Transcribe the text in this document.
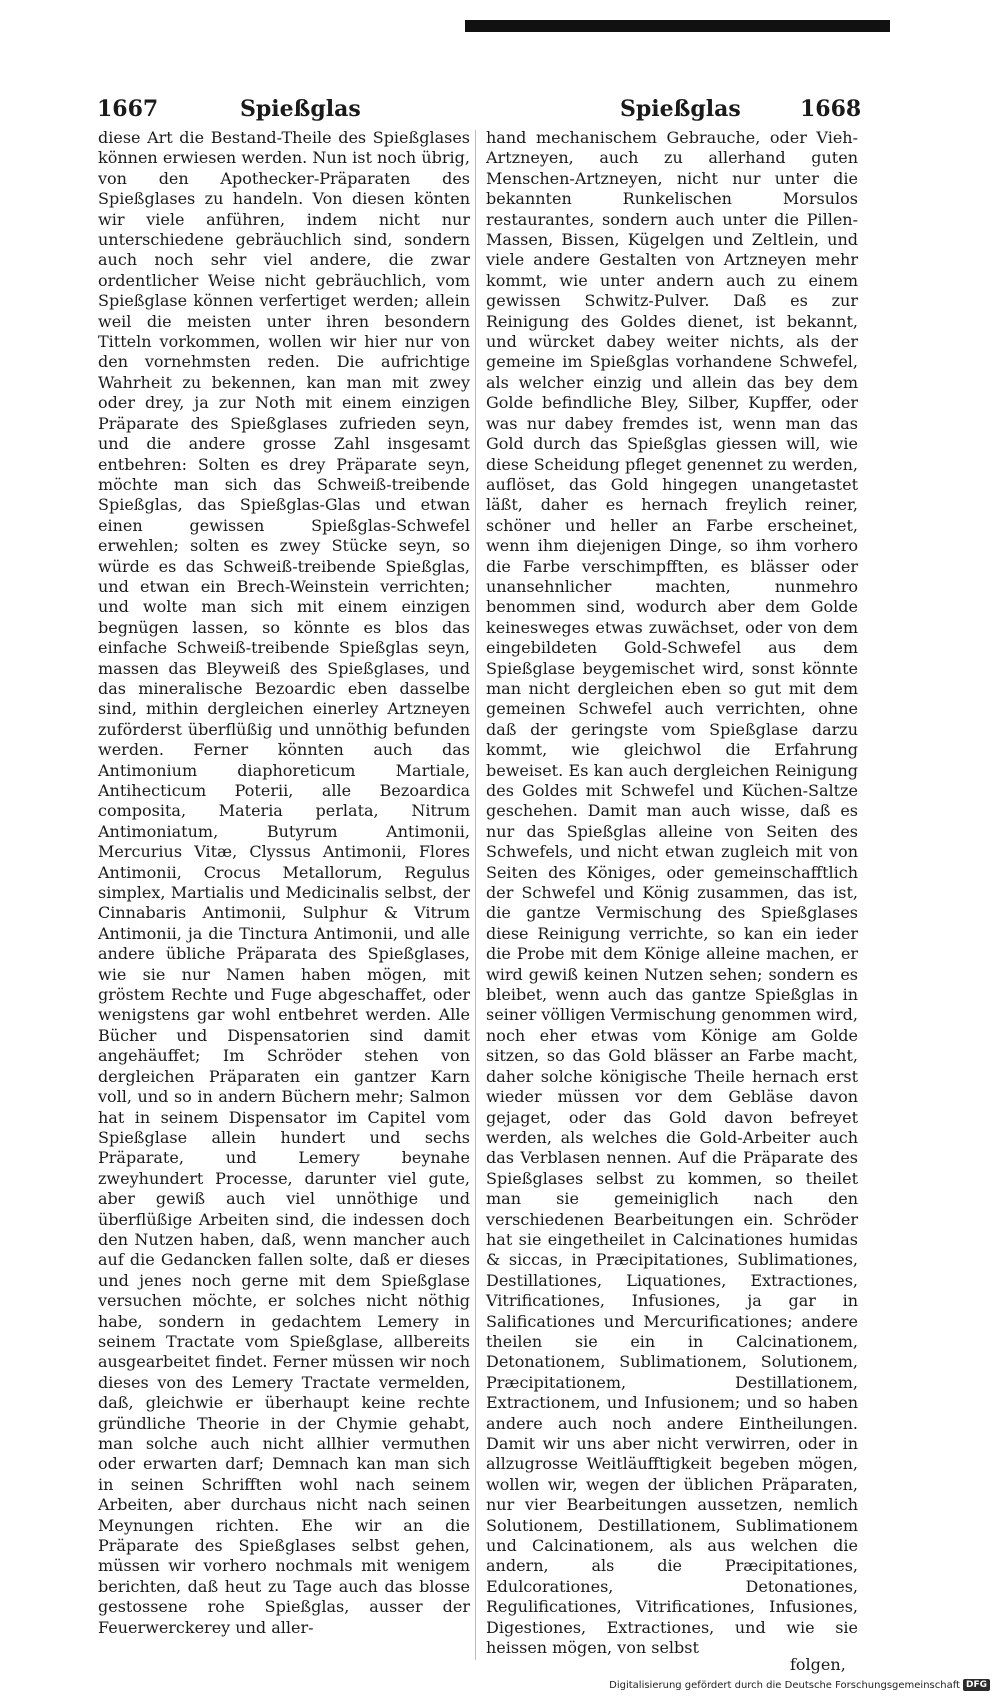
1667	Spießglas	Spießglas	1668

diese Art die Bestand-Theile des Spießglases können erwiesen werden. Nun ist noch übrig, von den Apothecker-Präparaten des Spießglases zu handeln. Von diesen könten wir viele anführen, indem nicht nur unterschiedene gebräuchlich sind, sondern auch noch sehr viel andere, die zwar ordentlicher Weise nicht gebräuchlich, vom Spießglase können verfertiget werden; allein weil die meisten unter ihren besondern Titteln vorkommen, wollen wir hier nur von den vornehmsten reden. Die aufrichtige Wahrheit zu bekennen, kan man mit zwey oder drey, ja zur Noth mit einem einzigen Präparate des Spießglases zufrieden seyn, und die andere grosse Zahl insgesamt entbehren: Solten es drey Präparate seyn, möchte man sich das Schweiß-treibende Spießglas, das Spießglas-Glas und etwan einen gewissen Spießglas-Schwefel erwehlen; solten es zwey Stücke seyn, so würde es das Schweiß-treibende Spießglas, und etwan ein Brech-Weinstein verrichten; und wolte man sich mit einem einzigen begnügen lassen, so könnte es blos das einfache Schweiß-treibende Spießglas seyn, massen das Bleyweiß des Spießglases, und das mineralische Bezoardic eben dasselbe sind, mithin dergleichen einerley Artzneyen zuförderst überflüßig und unnöthig befunden werden. Ferner könnten auch das Antimonium diaphoreticum Martiale, Antihecticum Poterii, alle Bezoardica composita, Materia perlata, Nitrum Antimoniatum, Butyrum Antimonii, Mercurius Vitæ, Clyssus Antimonii, Flores Antimonii, Crocus Metallorum, Regulus simplex, Martialis und Medicinalis selbst, der Cinnabaris Antimonii, Sulphur & Vitrum Antimonii, ja die Tinctura Antimonii, und alle andere übliche Präparata des Spießglases, wie sie nur Namen haben mögen, mit gröstem Rechte und Fuge abgeschaffet, oder wenigstens gar wohl entbehret werden. Alle Bücher und Dispensatorien sind damit angehäuffet; Im Schröder stehen von dergleichen Präparaten ein gantzer Karn voll, und so in andern Büchern mehr; Salmon hat in seinem Dispensator im Capitel vom Spießglase allein hundert und sechs Präparate, und Lemery beynahe zweyhundert Processe, darunter viel gute, aber gewiß auch viel unnöthige und überflüßige Arbeiten sind, die indessen doch den Nutzen haben, daß, wenn mancher auch auf die Gedancken fallen solte, daß er dieses und jenes noch gerne mit dem Spießglase versuchen möchte, er solches nicht nöthig habe, sondern in gedachtem Lemery in seinem Tractate vom Spießglase, allbereits ausgearbeitet findet. Ferner müssen wir noch dieses von des Lemery Tractate vermelden, daß, gleichwie er überhaupt keine rechte gründliche Theorie in der Chymie gehabt, man solche auch nicht allhier vermuthen oder erwarten darf; Demnach kan man sich in seinen Schrifften wohl nach seinem Arbeiten, aber durchaus nicht nach seinen Meynungen richten. Ehe wir an die Präparate des Spießglases selbst gehen, müssen wir vorhero nochmals mit wenigem berichten, daß heut zu Tage auch das blosse gestossene rohe Spießglas, ausser der Feuerwerckerey und aller-

hand mechanischem Gebrauche, oder Vieh-Artzneyen, auch zu allerhand guten Menschen-Artzneyen, nicht nur unter die bekannten Runkelischen Morsulos restaurantes, sondern auch unter die Pillen-Massen, Bissen, Kügelgen und Zeltlein, und viele andere Gestalten von Artzneyen mehr kommt, wie unter andern auch zu einem gewissen Schwitz-Pulver. Daß es zur Reinigung des Goldes dienet, ist bekannt, und würcket dabey weiter nichts, als der gemeine im Spießglas vorhandene Schwefel, als welcher einzig und allein das bey dem Golde befindliche Bley, Silber, Kupffer, oder was nur dabey fremdes ist, wenn man das Gold durch das Spießglas giessen will, wie diese Scheidung pfleget genennet zu werden, auflöset, das Gold hingegen unangetastet läßt, daher es hernach freylich reiner, schöner und heller an Farbe erscheinet, wenn ihm diejenigen Dinge, so ihm vorhero die Farbe verschimpfften, es blässer oder unansehnlicher machten, nunmehro benommen sind, wodurch aber dem Golde keinesweges etwas zuwächset, oder von dem eingebildeten Gold-Schwefel aus dem Spießglase beygemischet wird, sonst könnte man nicht dergleichen eben so gut mit dem gemeinen Schwefel auch verrichten, ohne daß der geringste vom Spießglase darzu kommt, wie gleichwol die Erfahrung beweiset. Es kan auch dergleichen Reinigung des Goldes mit Schwefel und Küchen-Saltze geschehen. Damit man auch wisse, daß es nur das Spießglas alleine von Seiten des Schwefels, und nicht etwan zugleich mit von Seiten des Königes, oder gemeinschafftlich der Schwefel und König zusammen, das ist, die gantze Vermischung des Spießglases diese Reinigung verrichte, so kan ein ieder die Probe mit dem Könige alleine machen, er wird gewiß keinen Nutzen sehen; sondern es bleibet, wenn auch das gantze Spießglas in seiner völligen Vermischung genommen wird, noch eher etwas vom Könige am Golde sitzen, so das Gold blässer an Farbe macht, daher solche königische Theile hernach erst wieder müssen vor dem Gebläse davon gejaget, oder das Gold davon befreyet werden, als welches die Gold-Arbeiter auch das Verblasen nennen. Auf die Präparate des Spießglases selbst zu kommen, so theilet man sie gemeiniglich nach den verschiedenen Bearbeitungen ein. Schröder hat sie eingetheilet in Calcinationes humidas & siccas, in Præcipitationes, Sublimationes, Destillationes, Liquationes, Extractiones, Vitrificationes, Infusiones, ja gar in Salificationes und Mercurificationes; andere theilen sie ein in Calcinationem, Detonationem, Sublimationem, Solutionem, Præcipitationem, Destillationem, Extractionem, und Infusionem; und so haben andere auch noch andere Eintheilungen. Damit wir uns aber nicht verwirren, oder in allzugrosse Weitläufftigkeit begeben mögen, wollen wir, wegen der üblichen Präparaten, nur vier Bearbeitungen aussetzen, nemlich Solutionem, Destillationem, Sublimationem und Calcinationem, als aus welchen die andern, als die Præcipitationes, Edulcorationes, Detonationes, Regulificationes, Vitrificationes, Infusiones, Digestiones, Extractiones, und wie sie heissen mögen, von selbst

folgen,
Digitalisierung gefördert durch die Deutsche Forschungsgemeinschaft DFG
